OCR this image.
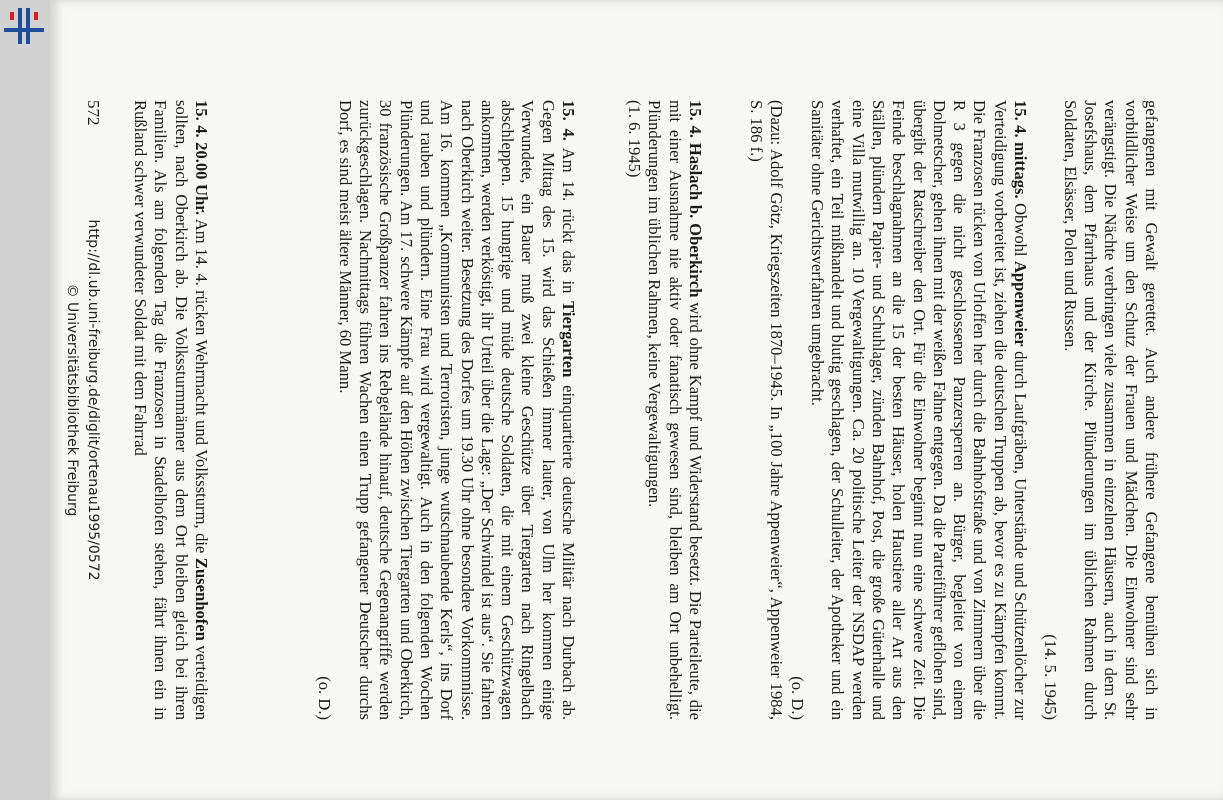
gefangenen mit Gewalt gerettet. Auch andere frühere Gefangene bemühen sich in vorbildlicher Weise um den Schutz der Frauen und Mädchen. Die Einwohner sind sehr verängstigt. Die Nächte verbringen viele zusammen in einzelnen Häusern, auch in dem St. Josefshaus, dem Pfarrhaus und der Kirche. Plünderungen im üblichen Rahmen durch Soldaten, Elsässer, Polen und Russen.
(14. 5. 1945)

15. 4. mittags. Obwohl Appenweier durch Laufgräben, Unterstände und Schützenlöcher zur Verteidigung vorbereitet ist, ziehen die deutschen Truppen ab, bevor es zu Kämpfen kommt. Die Franzosen rücken von Urloffen her durch die Bahnhofstraße und von Zimmern über die R 3 gegen die nicht geschlossenen Panzersperren an. Bürger, begleitet von einem Dolmetscher, gehen ihnen mit der weißen Fahne entgegen. Da die Parteiführer geflohen sind, übergibt der Ratschreiber den Ort. Für die Einwohner beginnt nun eine schwere Zeit. Die Feinde beschlagnahmen an die 15 der besten Häuser, holen Haustiere aller Art aus den Ställen, plündern Papier- und Schuhlager, zünden Bahnhof, Post, die große Güterhalle und eine Villa mutwillig an. 10 Vergewaltigungen. Ca. 20 politische Leiter der NSDAP werden verhaftet, ein Teil mißhandelt und blutig geschlagen, der Schulleiter, der Apotheker und ein Sanitäter ohne Gerichtsverfahren umgebracht.
(o. D.)
(Dazu: Adolf Götz, Kriegszeiten 1870–1945. In „100 Jahre Appenweier“, Appenweier 1984, S. 186 f.)

15. 4. Haslach b. Oberkirch wird ohne Kampf und Widerstand besetzt. Die Parteileute, die mit einer Ausnahme nie aktiv oder fanatisch gewesen sind, bleiben am Ort unbehelligt. Plünderungen im üblichen Rahmen, keine Vergewaltigungen.
(1. 6. 1945)

15. 4. Am 14. rückt das in Tiergarten einquartierte deutsche Militär nach Durbach ab. Gegen Mittag des 15. wird das Schießen immer lauter, von Ulm her kommen einige Verwundete, ein Bauer muß zwei kleine Geschütze über Tiergarten nach Ringelbach abschleppen. 15 hungrige und müde deutsche Soldaten, die mit einem Geschützwagen ankommen, werden verköstigt, ihr Urteil über die Lage: „Der Schwindel ist aus“. Sie fahren nach Oberkirch weiter. Besetzung des Dorfes um 19.30 Uhr ohne besondere Vorkommnisse. Am 16. kommen „Kommunisten und Terroristen, junge wutschnaubende Kerls“, ins Dorf und rauben und plündern. Eine Frau wird vergewaltigt. Auch in den folgenden Wochen Plünderungen. Am 17. schwere Kämpfe auf den Höhen zwischen Tiergarten und Oberkirch, 30 französische Großpanzer fahren ins Rebgelände hinauf, deutsche Gegenangriffe werden zurückgeschlagen. Nachmittags führen Wachen einen Trupp gefangener Deutscher durchs Dorf, es sind meist ältere Männer, 60 Mann.
(o. D.)

15. 4. 20.00 Uhr. Am 14. 4. rücken Wehrmacht und Volkssturm, die Zusenhofen verteidigen sollten, nach Oberkirch ab. Die Volkssturmmänner aus dem Ort bleiben gleich bei ihren Familien. Als am folgenden Tag die Franzosen in Stadelhofen stehen, fährt ihnen ein in Rußland schwer verwundeter Soldat mit dem Fahrrad

572
http://dl.ub.uni-freiburg.de/diglit/ortenau1995/0572
© Universitätsbibliothek Freiburg
